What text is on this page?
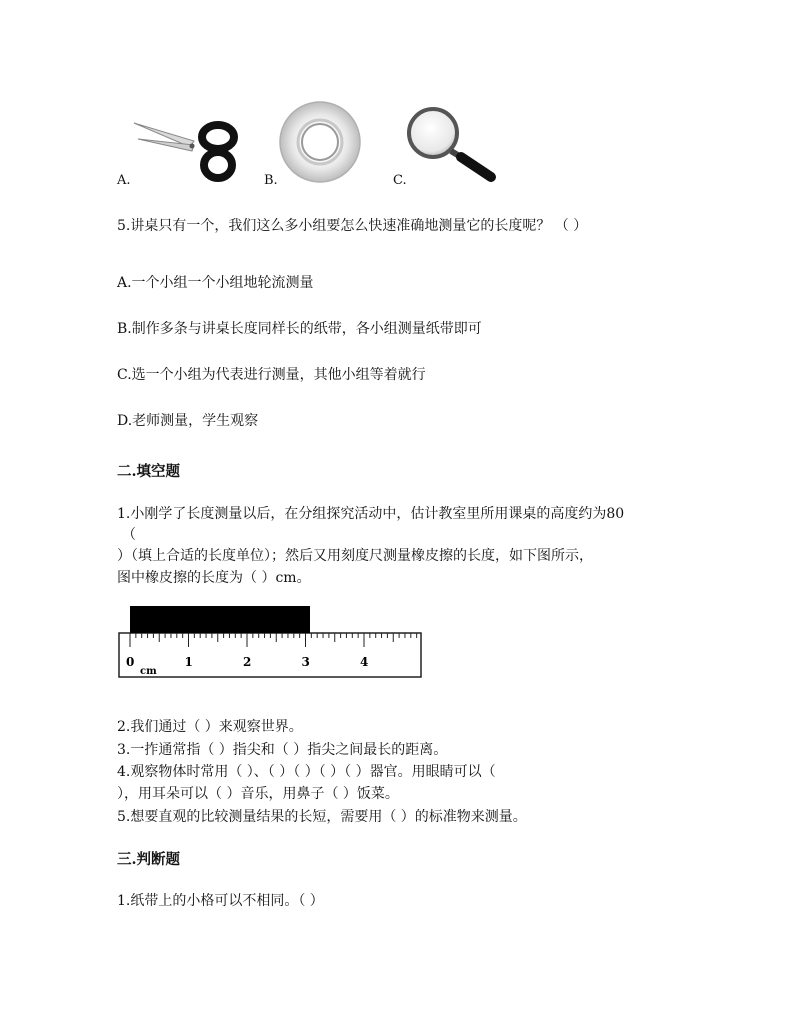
A.	B.	C.
5.讲桌只有一个，我们这么多小组要怎么快速准确地测量它的长度呢？ （ ）
A.一个小组一个小组地轮流测量
B.制作多条与讲桌长度同样长的纸带，各小组测量纸带即可
C.选一个小组为代表进行测量，其他小组等着就行
D.老师测量，学生观察
二.填空题
1.小刚学了长度测量以后，在分组探究活动中，估计教室里所用课桌的高度约为80
（
）（填上合适的长度单位）；然后又用刻度尺测量橡皮擦的长度，如下图所示，
图中橡皮擦的长度为（ ）cm。
0	1	2	3	4
cm
2.我们通过（ ）来观察世界。
3.一拃通常指（ ）指尖和（ ）指尖之间最长的距离。
4.观察物体时常用（ ）、（ ）（ ）（ ）（ ）器官。用眼睛可以（
），用耳朵可以（ ）音乐，用鼻子（ ）饭菜。
5.想要直观的比较测量结果的长短，需要用（ ）的标准物来测量。
三.判断题
1.纸带上的小格可以不相同。（ ）
